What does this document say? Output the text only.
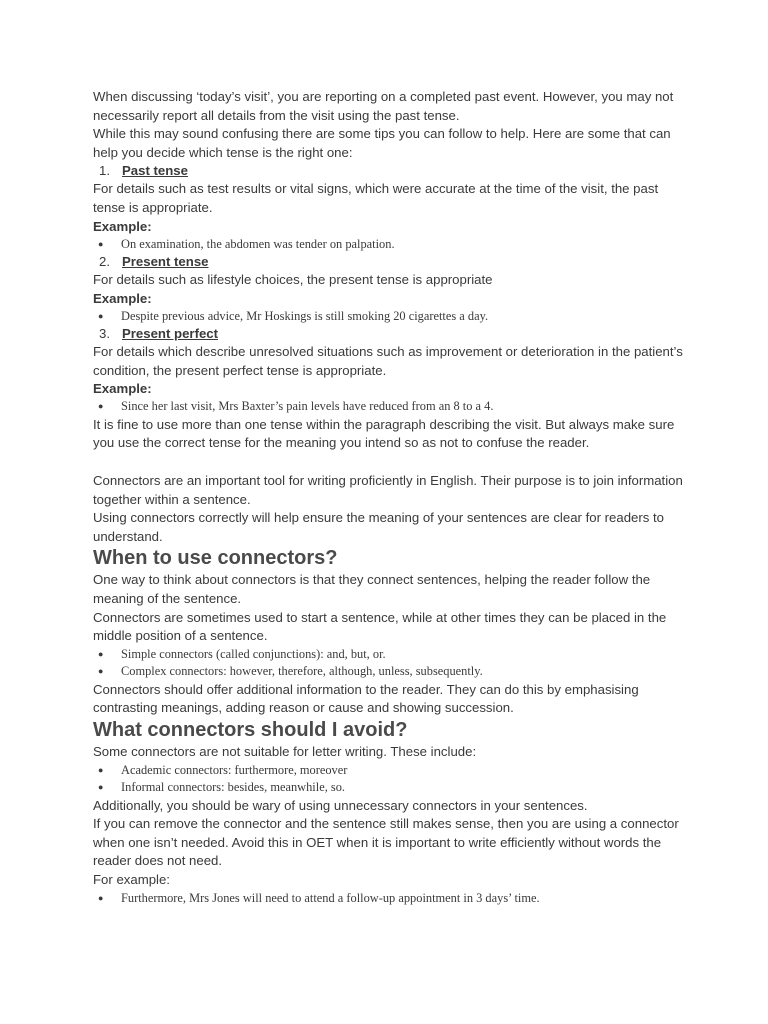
When discussing ‘today’s visit’, you are reporting on a completed past event. However, you may not necessarily report all details from the visit using the past tense.

While this may sound confusing there are some tips you can follow to help. Here are some that can help you decide which tense is the right one:

1. Past tense

For details such as test results or vital signs, which were accurate at the time of the visit, the past tense is appropriate.

Example:
●	On examination, the abdomen was tender on palpation.
2. Present tense

For details such as lifestyle choices, the present tense is appropriate

Example:
●	Despite previous advice, Mr Hoskings is still smoking 20 cigarettes a day.
3. Present perfect

For details which describe unresolved situations such as improvement or deterioration in the patient’s condition, the present perfect tense is appropriate.

Example:
●	Since her last visit, Mrs Baxter’s pain levels have reduced from an 8 to a 4.

It is fine to use more than one tense within the paragraph describing the visit. But always make sure you use the correct tense for the meaning you intend so as not to confuse the reader.

Connectors are an important tool for writing proficiently in English. Their purpose is to join information together within a sentence.

Using connectors correctly will help ensure the meaning of your sentences are clear for readers to understand.

When to use connectors?

One way to think about connectors is that they connect sentences, helping the reader follow the meaning of the sentence.

Connectors are sometimes used to start a sentence, while at other times they can be placed in the middle position of a sentence.

●	Simple connectors (called conjunctions): and, but, or.
●	Complex connectors: however, therefore, although, unless, subsequently.

Connectors should offer additional information to the reader. They can do this by emphasising contrasting meanings, adding reason or cause and showing succession.

What connectors should I avoid?

Some connectors are not suitable for letter writing. These include:

●	Academic connectors: furthermore, moreover
●	Informal connectors: besides, meanwhile, so.

Additionally, you should be wary of using unnecessary connectors in your sentences.

If you can remove the connector and the sentence still makes sense, then you are using a connector when one isn’t needed. Avoid this in OET when it is important to write efficiently without words the reader does not need.

For example:

●	Furthermore, Mrs Jones will need to attend a follow-up appointment in 3 days’ time.
